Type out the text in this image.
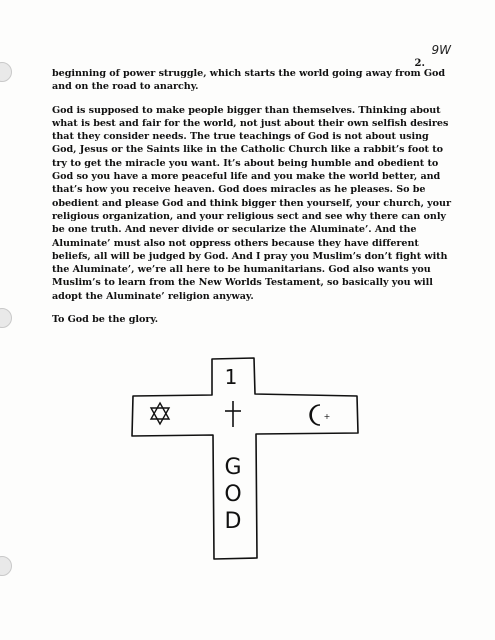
9W
2.

beginning of power struggle, which starts the world going away from God and on the road to anarchy.

God is supposed to make people bigger than themselves. Thinking about what is best and fair for the world, not just about their own selfish desires that they consider needs. The true teachings of God is not about using God, Jesus or the Saints like in the Catholic Church like a rabbit’s foot to try to get the miracle you want. It’s about being humble and obedient to God so you have a more peaceful life and you make the world better, and that’s how you receive heaven. God does miracles as he pleases. So be obedient and please God and think bigger then yourself, your church, your religious organization, and your religious sect and see why there can only be one truth. And never divide or secularize the Aluminate’. And the Aluminate’ must also not oppress others because they have different beliefs, all will be judged by God. And I pray you Muslim’s don’t fight with the Aluminate’, we’re all here to be humanitarians. God also wants you Muslim’s to learn from the New Worlds Testament, so basically you will adopt the Aluminate’ religion anyway.

To God be the glory.

1
+
G
O
D
